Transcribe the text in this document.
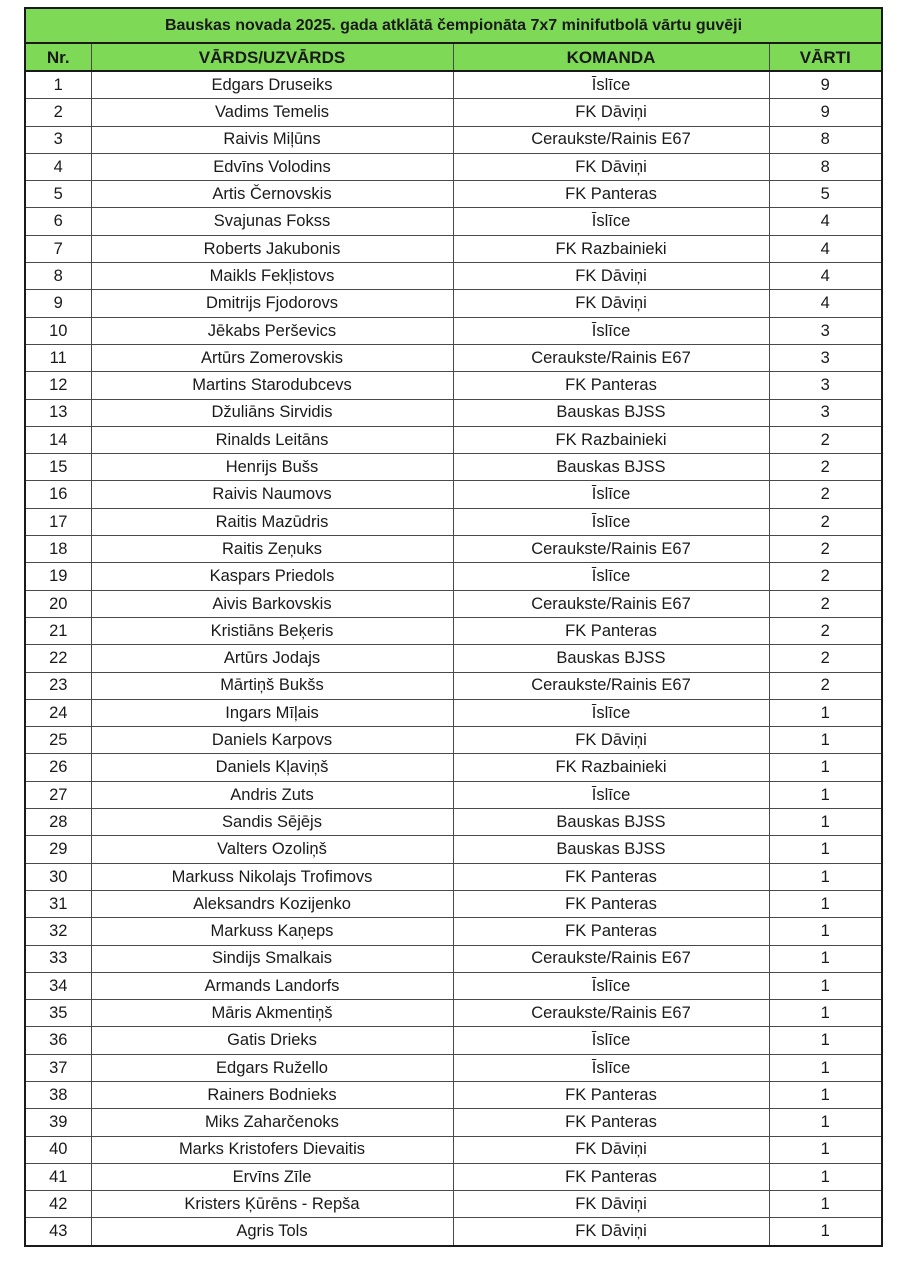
Bauskas novada 2025. gada atklātā čempionāta 7x7 minifutbolā vārtu guvēji			
Nr.	VĀRDS/UZVĀRDS	KOMANDA	VĀRTI
1	Edgars Druseiks	Īslīce	9
2	Vadims Temelis	FK Dāviņi	9
3	Raivis Miļūns	Ceraukste/Rainis E67	8
4	Edvīns Volodins	FK Dāviņi	8
5	Artis Černovskis	FK Panteras	5
6	Svajunas Fokss	Īslīce	4
7	Roberts Jakubonis	FK Razbainieki	4
8	Maikls Fekļistovs	FK Dāviņi	4
9	Dmitrijs Fjodorovs	FK Dāviņi	4
10	Jēkabs Perševics	Īslīce	3
11	Artūrs Zomerovskis	Ceraukste/Rainis E67	3
12	Martins Starodubcevs	FK Panteras	3
13	Džuliāns Sirvidis	Bauskas BJSS	3
14	Rinalds Leitāns	FK Razbainieki	2
15	Henrijs Bušs	Bauskas BJSS	2
16	Raivis Naumovs	Īslīce	2
17	Raitis Mazūdris	Īslīce	2
18	Raitis Zeņuks	Ceraukste/Rainis E67	2
19	Kaspars Priedols	Īslīce	2
20	Aivis Barkovskis	Ceraukste/Rainis E67	2
21	Kristiāns Beķeris	FK Panteras	2
22	Artūrs Jodajs	Bauskas BJSS	2
23	Mārtiņš Bukšs	Ceraukste/Rainis E67	2
24	Ingars Mīļais	Īslīce	1
25	Daniels Karpovs	FK Dāviņi	1
26	Daniels Kļaviņš	FK Razbainieki	1
27	Andris Zuts	Īslīce	1
28	Sandis Sējējs	Bauskas BJSS	1
29	Valters Ozoliņš	Bauskas BJSS	1
30	Markuss Nikolajs Trofimovs	FK Panteras	1
31	Aleksandrs Kozijenko	FK Panteras	1
32	Markuss Kaņeps	FK Panteras	1
33	Sindijs Smalkais	Ceraukste/Rainis E67	1
34	Armands Landorfs	Īslīce	1
35	Māris Akmentiņš	Ceraukste/Rainis E67	1
36	Gatis Drieks	Īslīce	1
37	Edgars Ružello	Īslīce	1
38	Rainers Bodnieks	FK Panteras	1
39	Miks Zaharčenoks	FK Panteras	1
40	Marks Kristofers Dievaitis	FK Dāviņi	1
41	Ervīns Zīle	FK Panteras	1
42	Kristers Ķūrēns - Repša	FK Dāviņi	1
43	Agris Tols	FK Dāviņi	1
